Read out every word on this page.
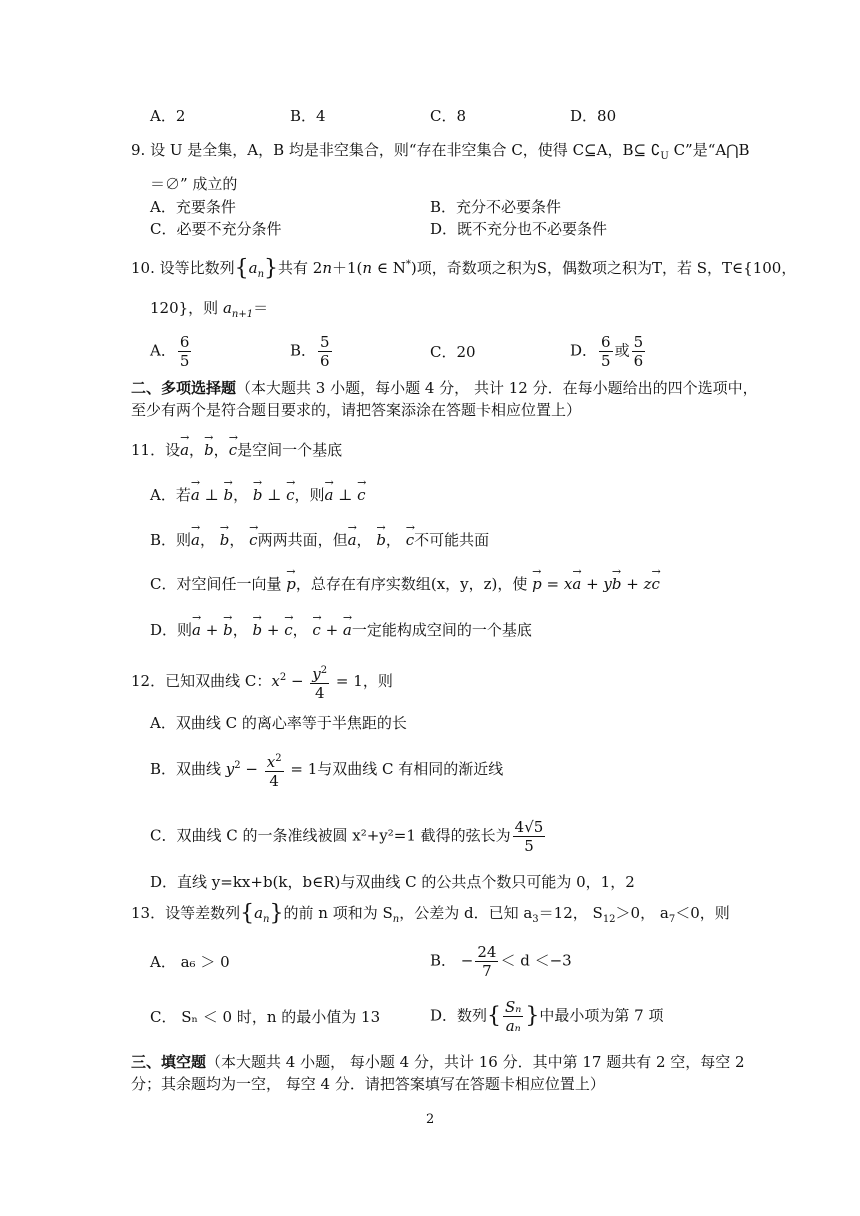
A．2	B．4	C．8	D．80
9. 设 U 是全集，A，B 均是非空集合，则“存在非空集合 C，使得 C⊆A，B⊆ $∁_U$ C”是“A⋂B
＝∅” 成立的
A．充要条件	B．充分不必要条件
C．必要不充分条件	D．既不充分也不必要条件
10. 设等比数列$\{a_n\}$共有 2n＋1(n ∈ N*)项，奇数项之积为S，偶数项之积为T，若 S，T∈{100，
120}，则 $a_{n+1}=$
A． $\frac{6}{5}$	B． $\frac{5}{6}$	C．20	D． $\frac{6}{5}$ 或 $\frac{5}{6}$
二、多项选择题（本大题共 3 小题，每小题 4 分， 共计 12 分．在每小题给出的四个选项中，
至少有两个是符合题目要求的，请把答案添涂在答题卡相应位置上）
11．设→ a，→ b，→ c是空间一个基底
A．若→ a ⊥ → b， → b ⊥ → c，则→ a ⊥ → c
B．则→ a， → b， → c两两共面，但→ a， → b， → c不可能共面
C．对空间任一向量 → p，总存在有序实数组(x，y，z)，使 → p = x→ a + y→ b + z→ c
D．则→ a + → b， → b + → c， → c + → a一定能构成空间的一个基底
12．已知双曲线 C：$x^2 - \frac{y^2}{4} = 1$，则
A．双曲线 C 的离心率等于半焦距的长
B．双曲线 $y^2 - \frac{x^2}{4} = 1$与双曲线 C 有相同的渐近线
C．双曲线 C 的一条准线被圆 x²+y²=1 截得的弦长为 $\frac{4√5}{5}$
D．直线 y=kx+b(k，b∈R)与双曲线 C 的公共点个数只可能为 0，1，2
13．设等差数列$\{a_n\}$的前 n 项和为 $S_n$，公差为 d．已知 $a_3=12$， $S_{12}>0$， $a_7<0$，则
A． a₆ ＞ 0	B． − $\frac{24}{7} < d <-3$
C． Sₙ ＜ 0 时，n 的最小值为 13	D．数列{ $\frac{\text{Sₙ}}{\text{aₙ}}$ }中最小项为第 7 项
三、填空题（本大题共 4 小题， 每小题 4 分，共计 16 分．其中第 17 题共有 2 空，每空 2
分；其余题均为一空， 每空 4 分．请把答案填写在答题卡相应位置上）
2
